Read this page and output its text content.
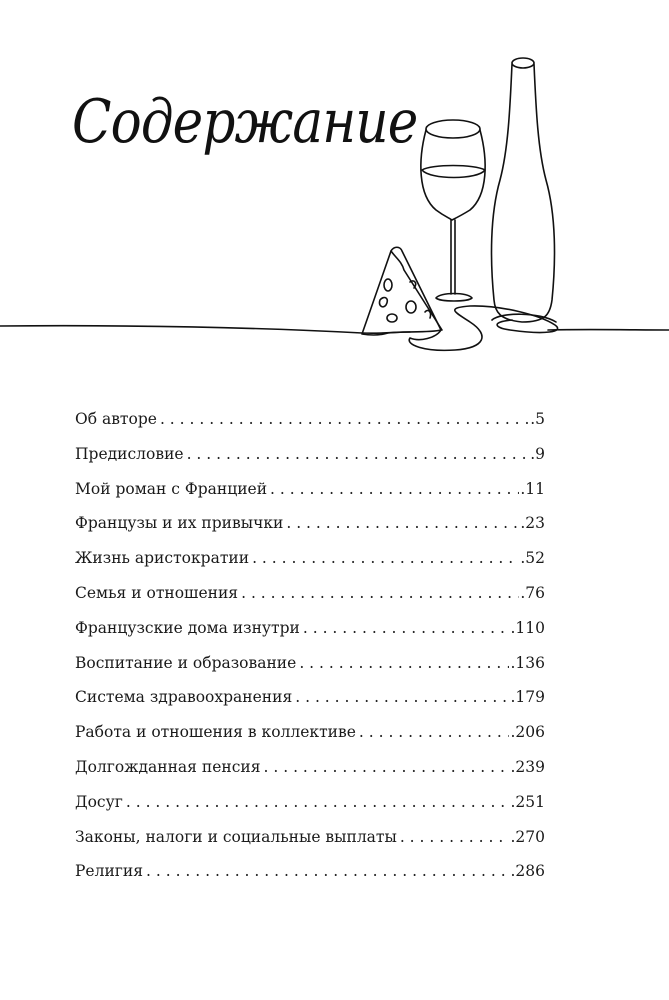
Содержание
Об авторе . . .	.5
Предисловие . . .	.9
Мой роман с Францией . . .	.11
Французы и их привычки . . .	.23
Жизнь аристократии . . .	.52
Семья и отношения . . .	.76
Французские дома изнутри . . .	.110
Воспитание и образование . . .	.136
Система здравоохранения . . .	.179
Работа и отношения в коллективе . . .	.206
Долгожданная пенсия . . .	.239
Досуг . . .	.251
Законы, налоги и социальные выплаты . . .	.270
Религия . . .	.286
